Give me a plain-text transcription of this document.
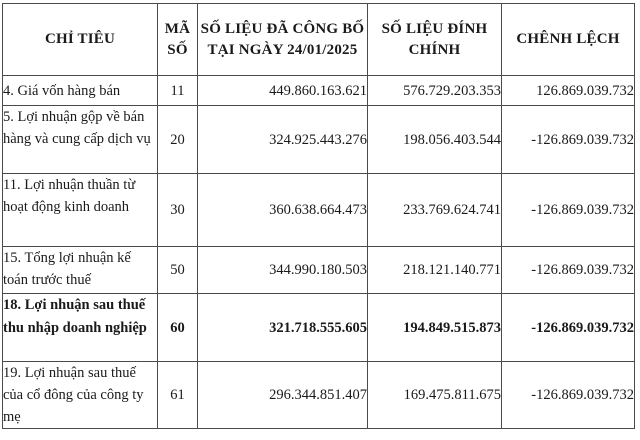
CHỈ TIÊU	MÃ SỐ	SỐ LIỆU ĐÃ CÔNG BỐ TẠI NGÀY 24/01/2025	SỐ LIỆU ĐÍNH CHÍNH	CHÊNH LỆCH
4. Giá vốn hàng bán	11	449.860.163.621	576.729.203.353	126.869.039.732
5. Lợi nhuận gộp về bán hàng và cung cấp dịch vụ	20	324.925.443.276	198.056.403.544	-126.869.039.732
11. Lợi nhuận thuần từ hoạt động kinh doanh	30	360.638.664.473	233.769.624.741	-126.869.039.732
15. Tổng lợi nhuận kế toán trước thuế	50	344.990.180.503	218.121.140.771	-126.869.039.732
18. Lợi nhuận sau thuế thu nhập doanh nghiệp	60	321.718.555.605	194.849.515.873	-126.869.039.732
19. Lợi nhuận sau thuế của cổ đông của công ty mẹ	61	296.344.851.407	169.475.811.675	-126.869.039.732
